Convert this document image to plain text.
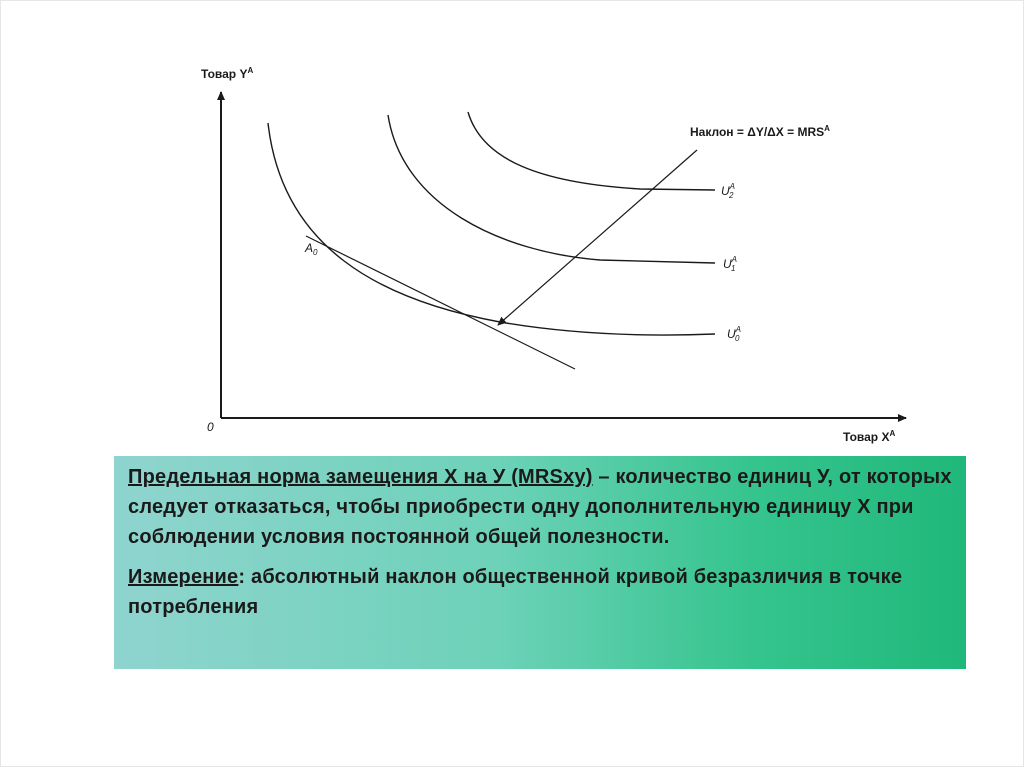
Товар $Y^A$
Товар $X^A$
0
Наклон = $\Delta Y/\Delta X = MRS^A$
$A_0$
$U^A$ 2
$U^A$ 1
$U^A$ 0

Предельная норма замещения X на У (MRSxy) – количество единиц У, от которых следует отказаться, чтобы приобрести одну дополнительную единицу X при соблюдении условия постоянной общей полезности.

Измерение: абсолютный наклон общественной кривой безразличия в точке потребления
